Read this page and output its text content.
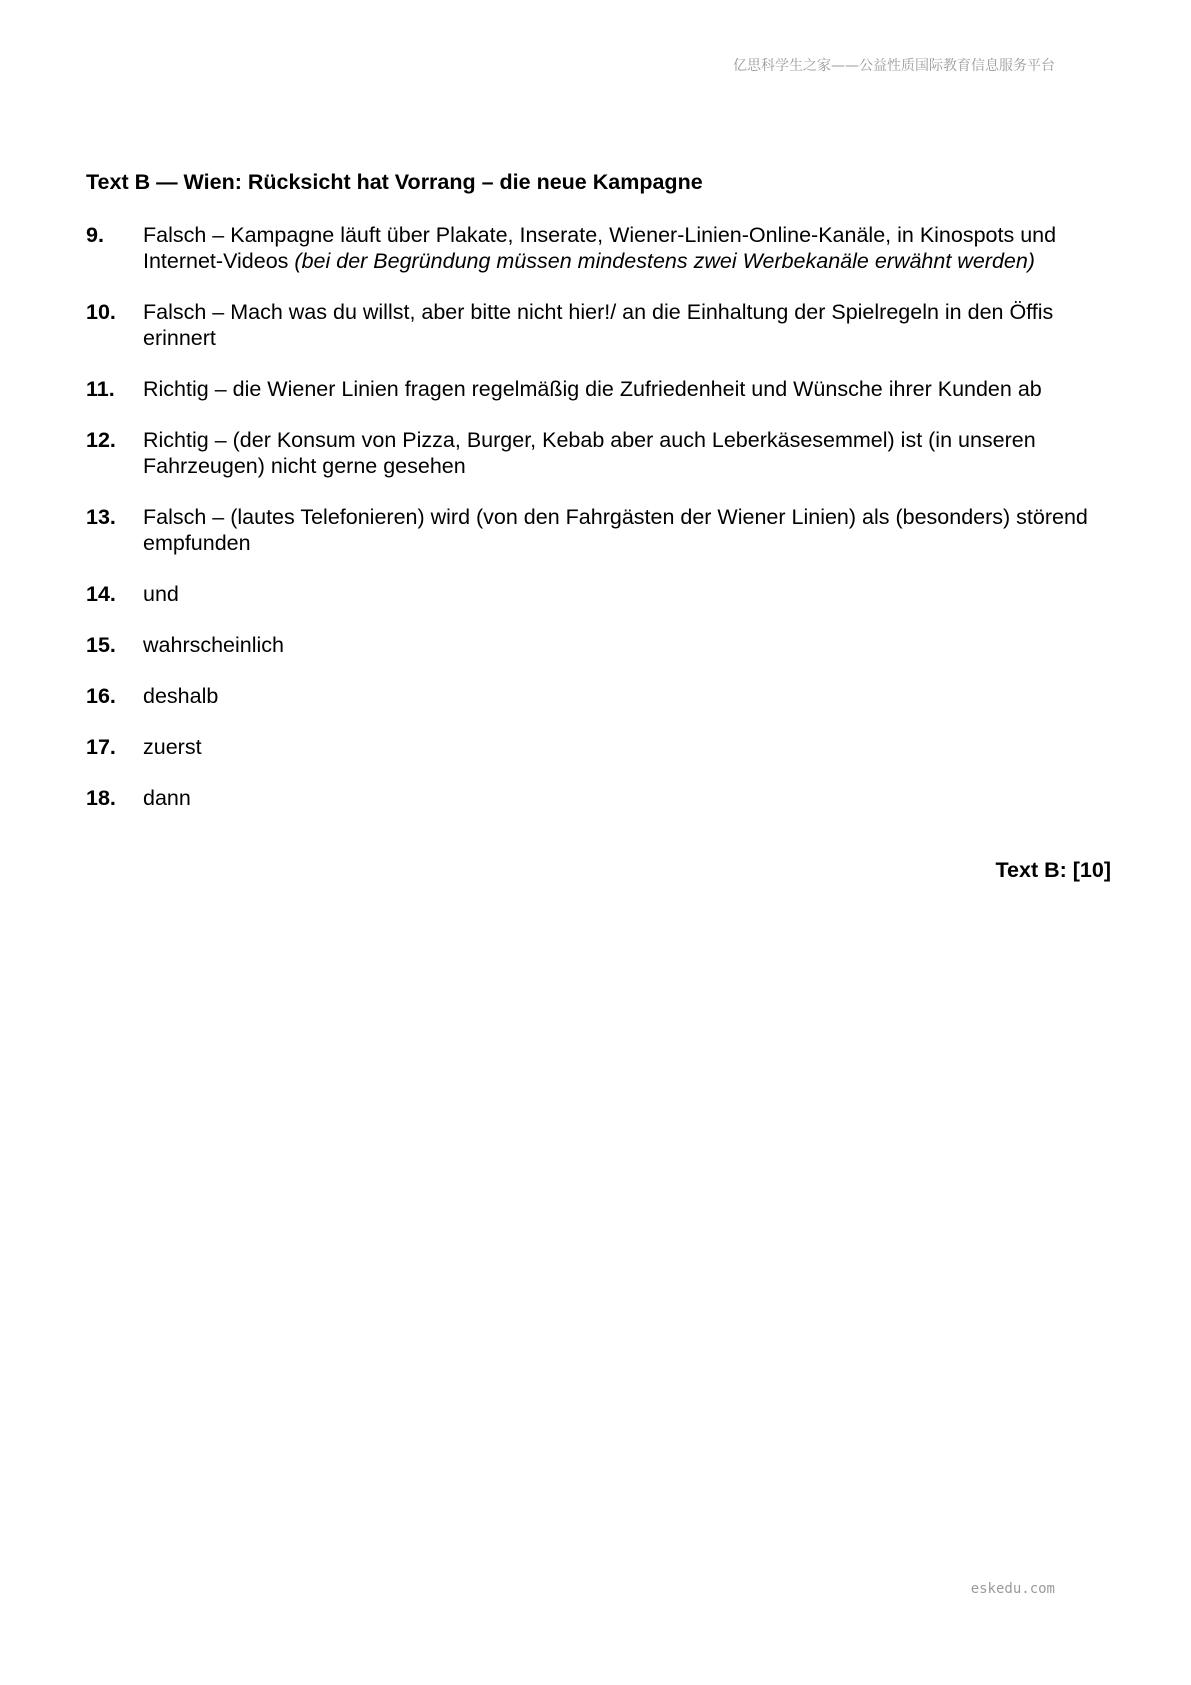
亿思科学生之家——公益性质国际教育信息服务平台
Text B — Wien: Rücksicht hat Vorrang – die neue Kampagne
9. Falsch – Kampagne läuft über Plakate, Inserate, Wiener-Linien-Online-Kanäle, in Kinospots und Internet-Videos (bei der Begründung müssen mindestens zwei Werbekanäle erwähnt werden)
10. Falsch – Mach was du willst, aber bitte nicht hier!/ an die Einhaltung der Spielregeln in den Öffis erinnert
11. Richtig – die Wiener Linien fragen regelmäßig die Zufriedenheit und Wünsche ihrer Kunden ab
12. Richtig – (der Konsum von Pizza, Burger, Kebab aber auch Leberkäsesemmel) ist (in unseren Fahrzeugen) nicht gerne gesehen
13. Falsch – (lautes Telefonieren) wird (von den Fahrgästen der Wiener Linien) als (besonders) störend empfunden
14. und
15. wahrscheinlich
16. deshalb
17. zuerst
18. dann
Text B: [10]
eskedu.com
